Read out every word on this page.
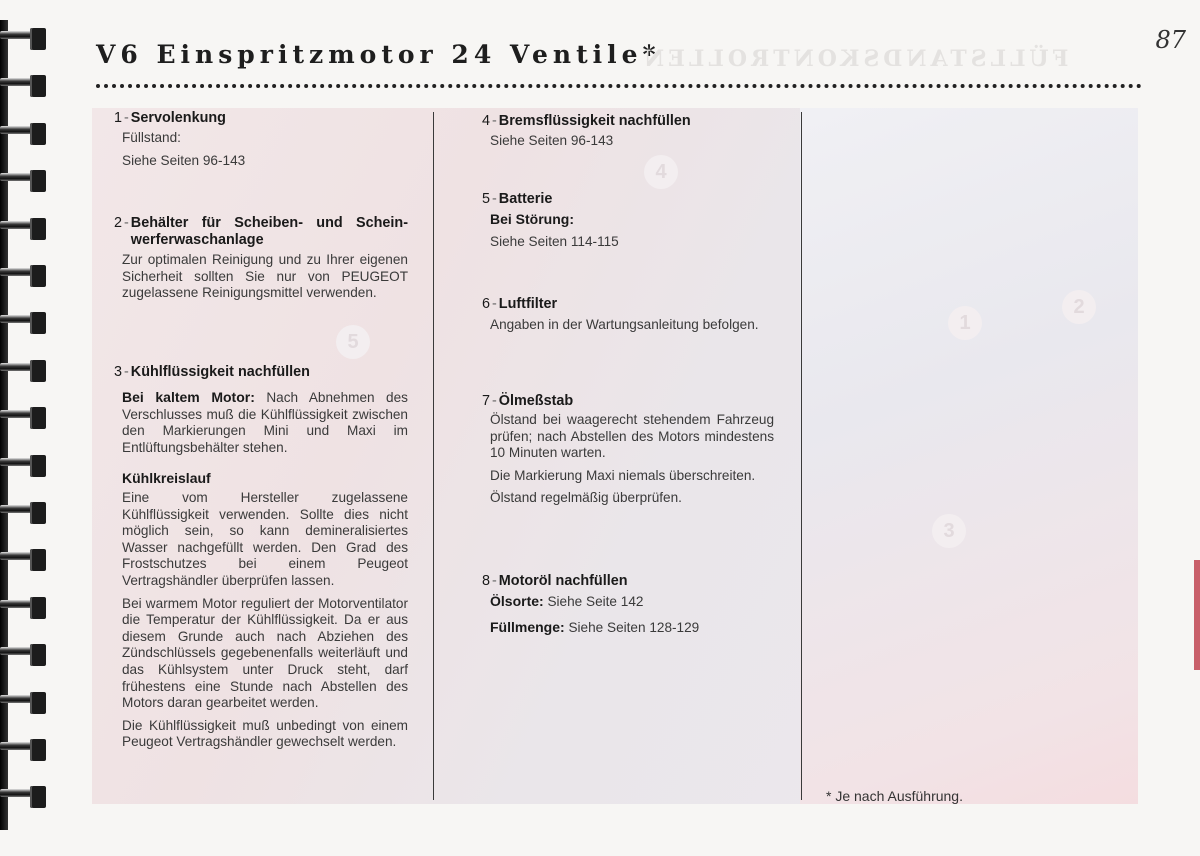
5
4
1
2
3
V6 Einspritzmotor 24 Ventile*
FÜLLSTANDSKONTROLLEN
87
1 - Servolenkung
Füllstand:
Siehe Seiten 96-143
2 - Behälter für Scheiben- und Scheinwerferwaschanlage
Zur optimalen Reinigung und zu Ihrer eigenen Sicherheit sollten Sie nur von PEUGEOT zugelassene Reinigungsmittel verwenden.
3 - Kühlflüssigkeit nachfüllen

Bei kaltem Motor: Nach Abnehmen des Verschlusses muß die Kühlflüssigkeit zwischen den Markierungen Mini und Maxi im Entlüftungsbehälter stehen.

Kühlkreislauf

Eine vom Hersteller zugelassene Kühlflüssigkeit verwenden. Sollte dies nicht möglich sein, so kann demineralisiertes Wasser nachgefüllt werden. Den Grad des Frostschutzes bei einem Peugeot Vertragshändler überprüfen lassen.

Bei warmem Motor reguliert der Motorventilator die Temperatur der Kühlflüssigkeit. Da er aus diesem Grunde auch nach Abziehen des Zündschlüssels gegebenenfalls weiterläuft und das Kühlsystem unter Druck steht, darf frühestens eine Stunde nach Abstellen des Motors daran gearbeitet werden.

Die Kühlflüssigkeit muß unbedingt von einem Peugeot Vertragshändler gewechselt werden.

4 - Bremsflüssigkeit nachfüllen
Siehe Seiten 96-143
5 - Batterie
Bei Störung:
Siehe Seiten 114-115
6 - Luftfilter
Angaben in der Wartungsanleitung befolgen.
7 - Ölmeßstab

Ölstand bei waagerecht stehendem Fahrzeug prüfen; nach Abstellen des Motors mindestens 10 Minuten warten.

Die Markierung Maxi niemals überschreiten.

Ölstand regelmäßig überprüfen.

8 - Motoröl nachfüllen
Ölsorte: Siehe Seite 142
Füllmenge: Siehe Seiten 128-129
* Je nach Ausführung.
